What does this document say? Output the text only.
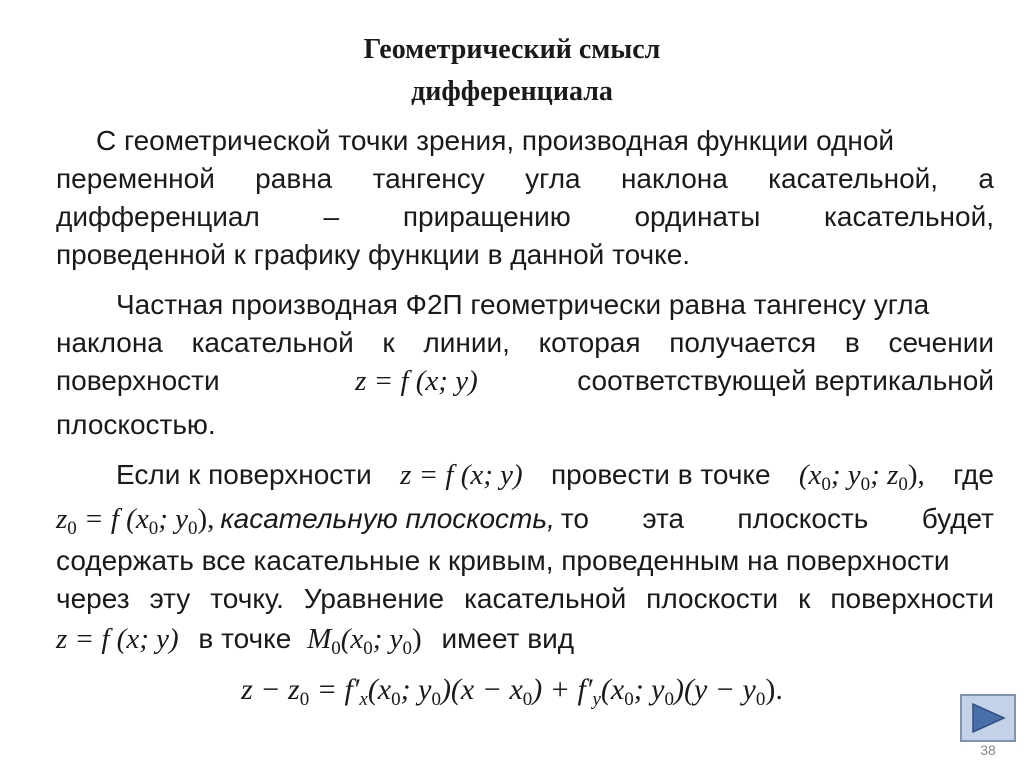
Геометрический смысл
дифференциала
С геометрической точки зрения, производная функции одной
переменной равна тангенсу угла наклона касательной, а
дифференциал – приращению ординаты касательной,
проведенной к графику функции в данной точке.
Частная производная Ф2П геометрически равна тангенсу угла
наклона касательной к линии, которая получается в сечении
поверхности	z = f (x; y)	соответствующей вертикальной
плоскостью.
Если к поверхности z = f (x; y) провести в точке ($x_0$; $y_0$; $z_0$), где
$z_0 = f$ ($x_0$; $y_0$), касательную плоскость, то эта плоскость будет
содержать все касательные к кривым, проведенным на поверхности
через эту точку. Уравнение касательной плоскости к поверхности
z = f (x; y) в точке $M_0(x_0$; $y_0$) имеет вид
$z - z_0 = f'_x(x_0$; $y_0)(x - x_0) + f'_y(x_0$; $y_0)(y - y_0)$.
38
